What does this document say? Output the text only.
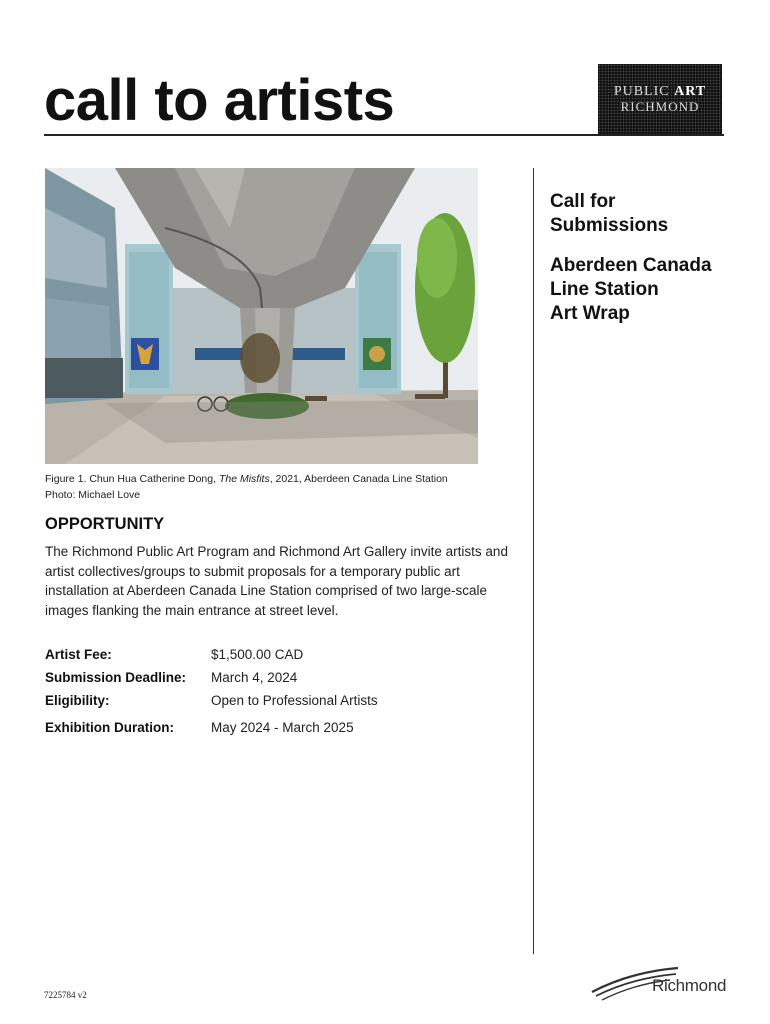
call to artists	PUBLIC ART
RICHMOND
Figure 1. Chun Hua Catherine Dong, The Misfits, 2021, Aberdeen Canada Line Station
Photo: Michael Love

Call for
Submissions

Aberdeen Canada
Line Station
Art Wrap

OPPORTUNITY

The Richmond Public Art Program and Richmond Art Gallery invite artists and artist collectives/groups to submit proposals for a temporary public art installation at Aberdeen Canada Line Station comprised of two large-scale images flanking the main entrance at street level.

Artist Fee:	$1,500.00 CAD
Submission Deadline:	March 4, 2024
Eligibility:	Open to Professional Artists
Exhibition Duration:	May 2024 - March 2025
7225784 v2	Richmond
